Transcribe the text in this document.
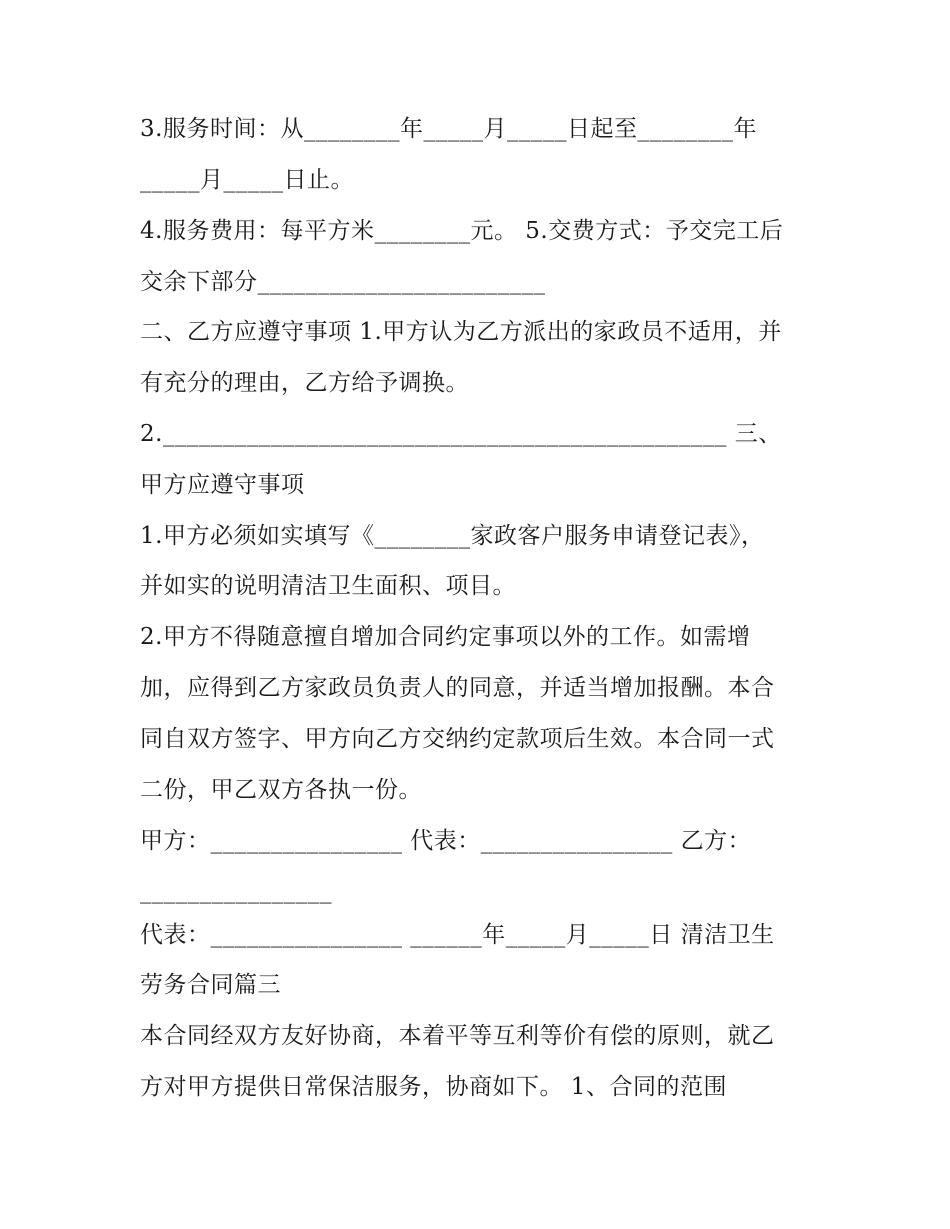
3.服务时间：从________年_____月_____日起至________年
_____月_____日止。
4.服务费用：每平方米________元。 5.交费方式：予交完工后
交余下部分________________________
二、乙方应遵守事项 1.甲方认为乙方派出的家政员不适用，并
有充分的理由，乙方给予调换。
2._______________________________________________ 三、
甲方应遵守事项
1.甲方必须如实填写《________家政客户服务申请登记表》，
并如实的说明清洁卫生面积、项目。
2.甲方不得随意擅自增加合同约定事项以外的工作。如需增
加，应得到乙方家政员负责人的同意，并适当增加报酬。本合
同自双方签字、甲方向乙方交纳约定款项后生效。本合同一式
二份，甲乙双方各执一份。
甲方：________________ 代表：________________ 乙方：
________________
代表：________________ ______年_____月_____日 清洁卫生
劳务合同篇三
本合同经双方友好协商，本着平等互利等价有偿的原则，就乙
方对甲方提供日常保洁服务，协商如下。 1、合同的范围
